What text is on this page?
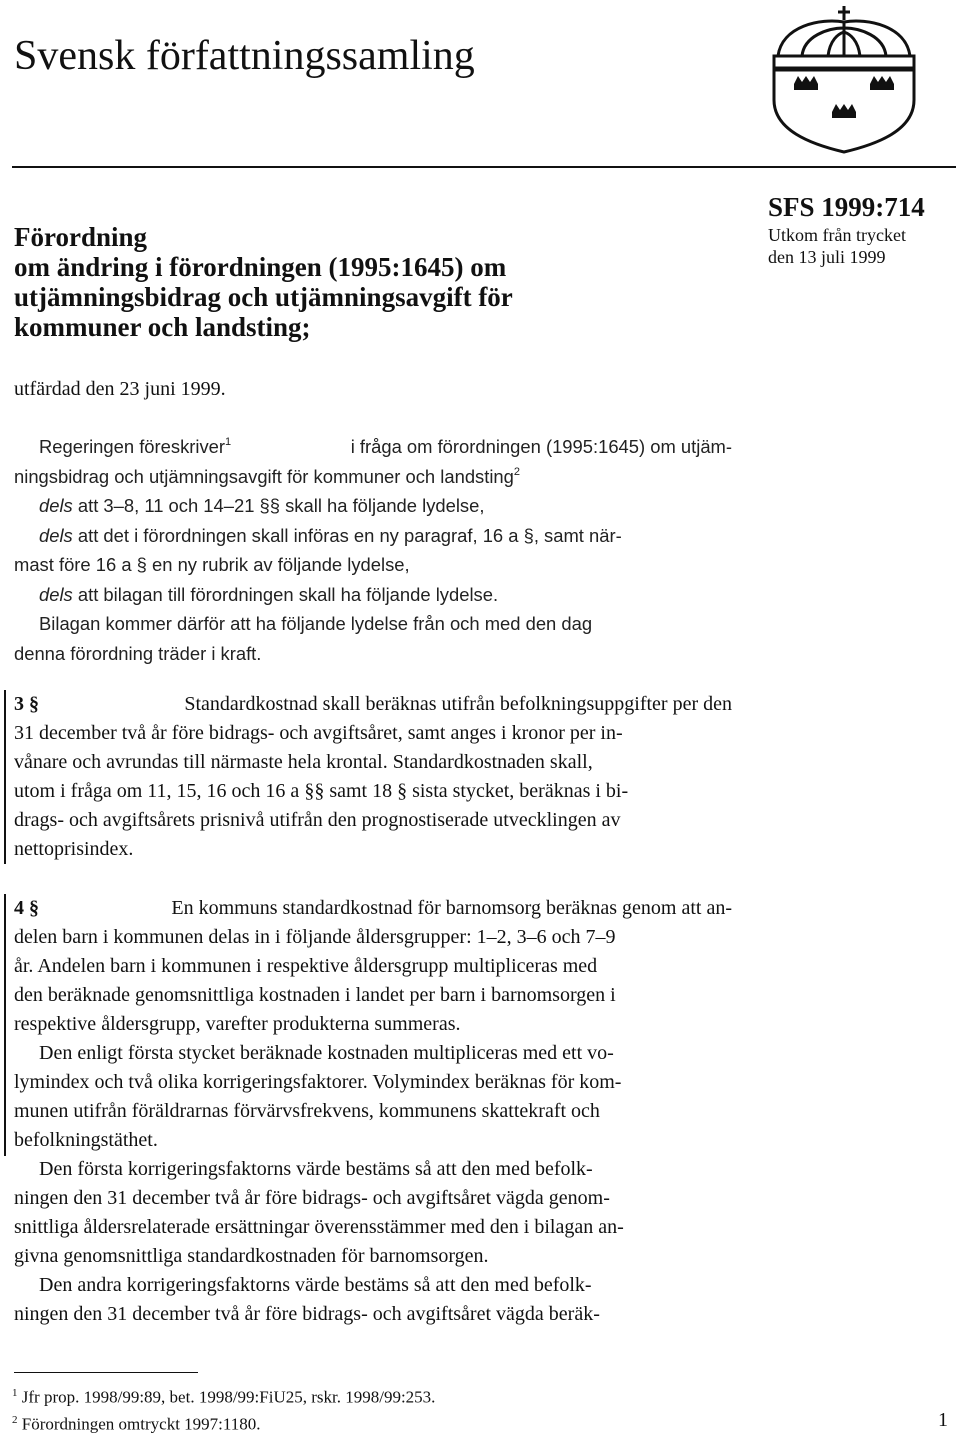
Svensk författningssamling
Förordning
om ändring i förordningen (1995:1645) om
utjämningsbidrag och utjämningsavgift för
kommuner och landsting;
SFS 1999:714
Utkom från trycket
den 13 juli 1999
utfärdad den 23 juni 1999.
Regeringen föreskriver$^1$	i fråga om förordningen (1995:1645) om utjäm-
ningsbidrag och utjämningsavgift för kommuner och landsting$^2$
dels att 3–8, 11 och 14–21 §§ skall ha följande lydelse,
dels att det i förordningen skall införas en ny paragraf, 16 a §, samt när-
mast före 16 a § en ny rubrik av följande lydelse,
dels att bilagan till förordningen skall ha följande lydelse.
Bilagan kommer därför att ha följande lydelse från och med den dag
denna förordning träder i kraft.
3 §	Standardkostnad skall beräknas utifrån befolkningsuppgifter per den
31 december två år före bidrags- och avgiftsåret, samt anges i kronor per in-
vånare och avrundas till närmaste hela krontal. Standardkostnaden skall,
utom i fråga om 11, 15, 16 och 16 a §§ samt 18 § sista stycket, beräknas i bi-
drags- och avgiftsårets prisnivå utifrån den prognostiserade utvecklingen av
nettoprisindex.
4 §	En kommuns standardkostnad för barnomsorg beräknas genom att an-
delen barn i kommunen delas in i följande åldersgrupper: 1–2, 3–6 och 7–9
år. Andelen barn i kommunen i respektive åldersgrupp multipliceras med
den beräknade genomsnittliga kostnaden i landet per barn i barnomsorgen i
respektive åldersgrupp, varefter produkterna summeras.
Den enligt första stycket beräknade kostnaden multipliceras med ett vo-
lymindex och två olika korrigeringsfaktorer. Volymindex beräknas för kom-
munen utifrån föräldrarnas förvärvsfrekvens, kommunens skattekraft och
befolkningstäthet.
Den första korrigeringsfaktorns värde bestäms så att den med befolk-
ningen den 31 december två år före bidrags- och avgiftsåret vägda genom-
snittliga åldersrelaterade ersättningar överensstämmer med den i bilagan an-
givna genomsnittliga standardkostnaden för barnomsorgen.
Den andra korrigeringsfaktorns värde bestäms så att den med befolk-
ningen den 31 december två år före bidrags- och avgiftsåret vägda beräk-
$^1$ Jfr prop. 1998/99:89, bet. 1998/99:FiU25, rskr. 1998/99:253.
$^2$ Förordningen omtryckt 1997:1180.	1
